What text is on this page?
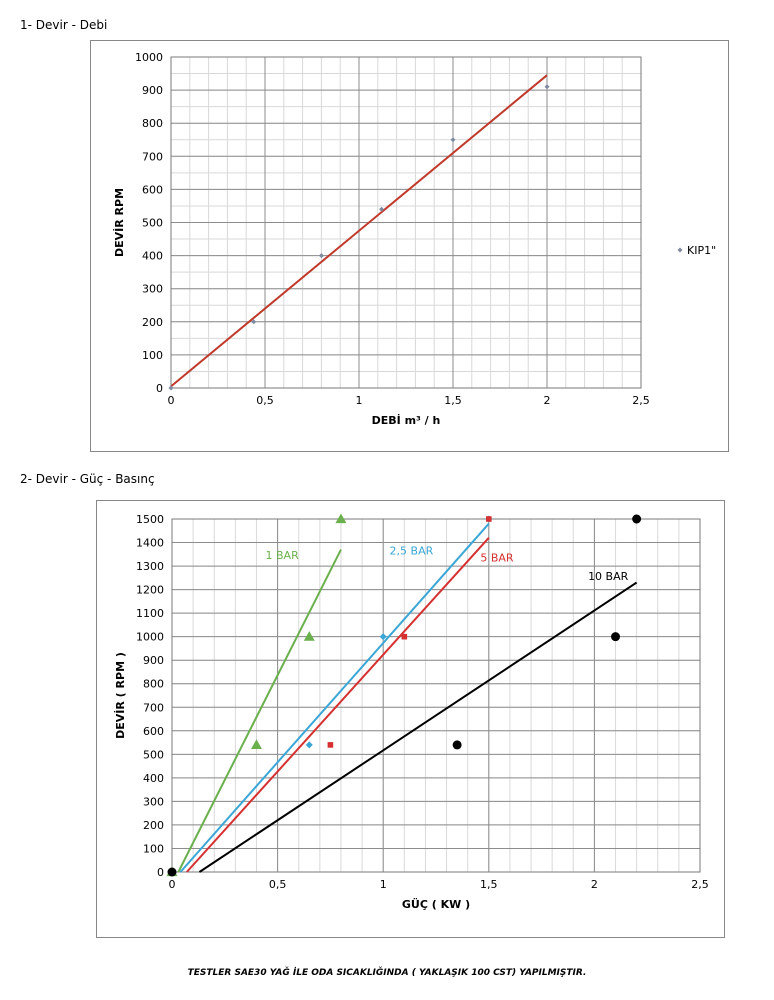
1- Devir - Debi
0	0,5	1	1,5	2	2,5
0
100
200
300
400
500
600
700
800
900
1000
DEBİ m³ / h
DEVİR RPM	KIP1"
2- Devir - Güç - Basınç
0	0,5	1	1,5	2	2,5
0
100
200
300
400
500
600
700
800
900
1000
1100
1200
1300
1400
1500
GÜÇ ( KW )
DEVİR ( RPM )
1 BAR	2,5 BAR
5 BAR
10 BAR
TESTLER SAE30 YAĞ İLE ODA SICAKLIĞINDA ( YAKLAŞIK 100 CST) YAPILMIŞTIR.
